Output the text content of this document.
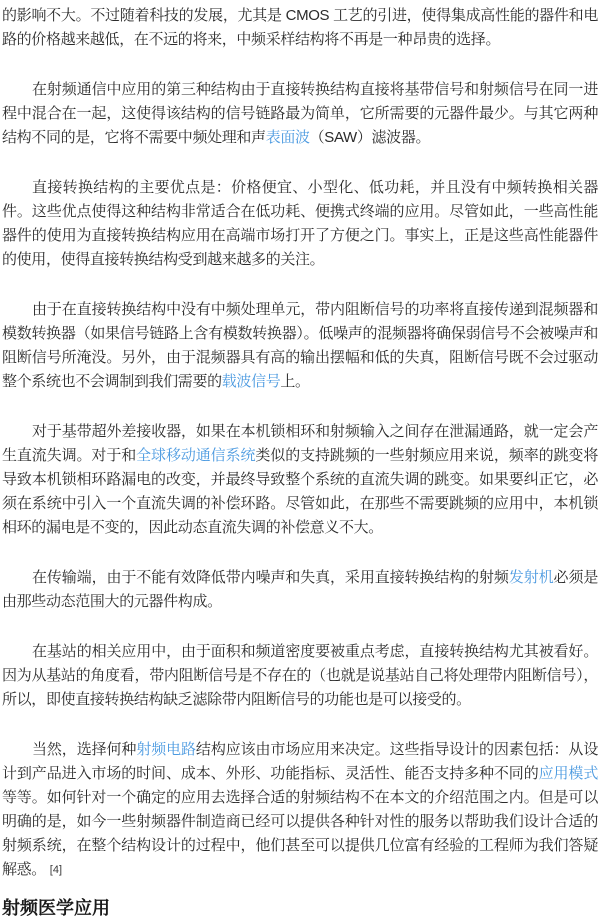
的影响不大。不过随着科技的发展，尤其是 CMOS 工艺的引进，使得集成高性能的器件和电路的价格越来越低，在不远的将来，中频采样结构将不再是一种昂贵的选择。

在射频通信中应用的第三种结构由于直接转换结构直接将基带信号和射频信号在同一进程中混合在一起，这使得该结构的信号链路最为简单，它所需要的元器件最少。与其它两种结构不同的是，它将不需要中频处理和声表面波（SAW）滤波器。

直接转换结构的主要优点是：价格便宜、小型化、低功耗，并且没有中频转换相关器件。这些优点使得这种结构非常适合在低功耗、便携式终端的应用。尽管如此，一些高性能器件的使用为直接转换结构应用在高端市场打开了方便之门。事实上，正是这些高性能器件的使用，使得直接转换结构受到越来越多的关注。

由于在直接转换结构中没有中频处理单元，带内阻断信号的功率将直接传递到混频器和模数转换器（如果信号链路上含有模数转换器）。低噪声的混频器将确保弱信号不会被噪声和阻断信号所淹没。另外，由于混频器具有高的输出摆幅和低的失真，阻断信号既不会过驱动整个系统也不会调制到我们需要的载波信号上。

对于基带超外差接收器，如果在本机锁相环和射频输入之间存在泄漏通路，就一定会产生直流失调。对于和全球移动通信系统类似的支持跳频的一些射频应用来说，频率的跳变将导致本机锁相环路漏电的改变，并最终导致整个系统的直流失调的跳变。如果要纠正它，必须在系统中引入一个直流失调的补偿环路。尽管如此，在那些不需要跳频的应用中，本机锁相环的漏电是不变的，因此动态直流失调的补偿意义不大。

在传输端，由于不能有效降低带内噪声和失真，采用直接转换结构的射频发射机必须是由那些动态范围大的元器件构成。

在基站的相关应用中，由于面积和频道密度要被重点考虑，直接转换结构尤其被看好。因为从基站的角度看，带内阻断信号是不存在的（也就是说基站自己将处理带内阻断信号），所以，即使直接转换结构缺乏滤除带内阻断信号的功能也是可以接受的。

当然，选择何种射频电路结构应该由市场应用来决定。这些指导设计的因素包括：从设计到产品进入市场的时间、成本、外形、功能指标、灵活性、能否支持多种不同的应用模式等等。如何针对一个确定的应用去选择合适的射频结构不在本文的介绍范围之内。但是可以明确的是，如今一些射频器件制造商已经可以提供各种针对性的服务以帮助我们设计合适的射频系统，在整个结构设计的过程中，他们甚至可以提供几位富有经验的工程师为我们答疑解惑。 [4]

射频医学应用
